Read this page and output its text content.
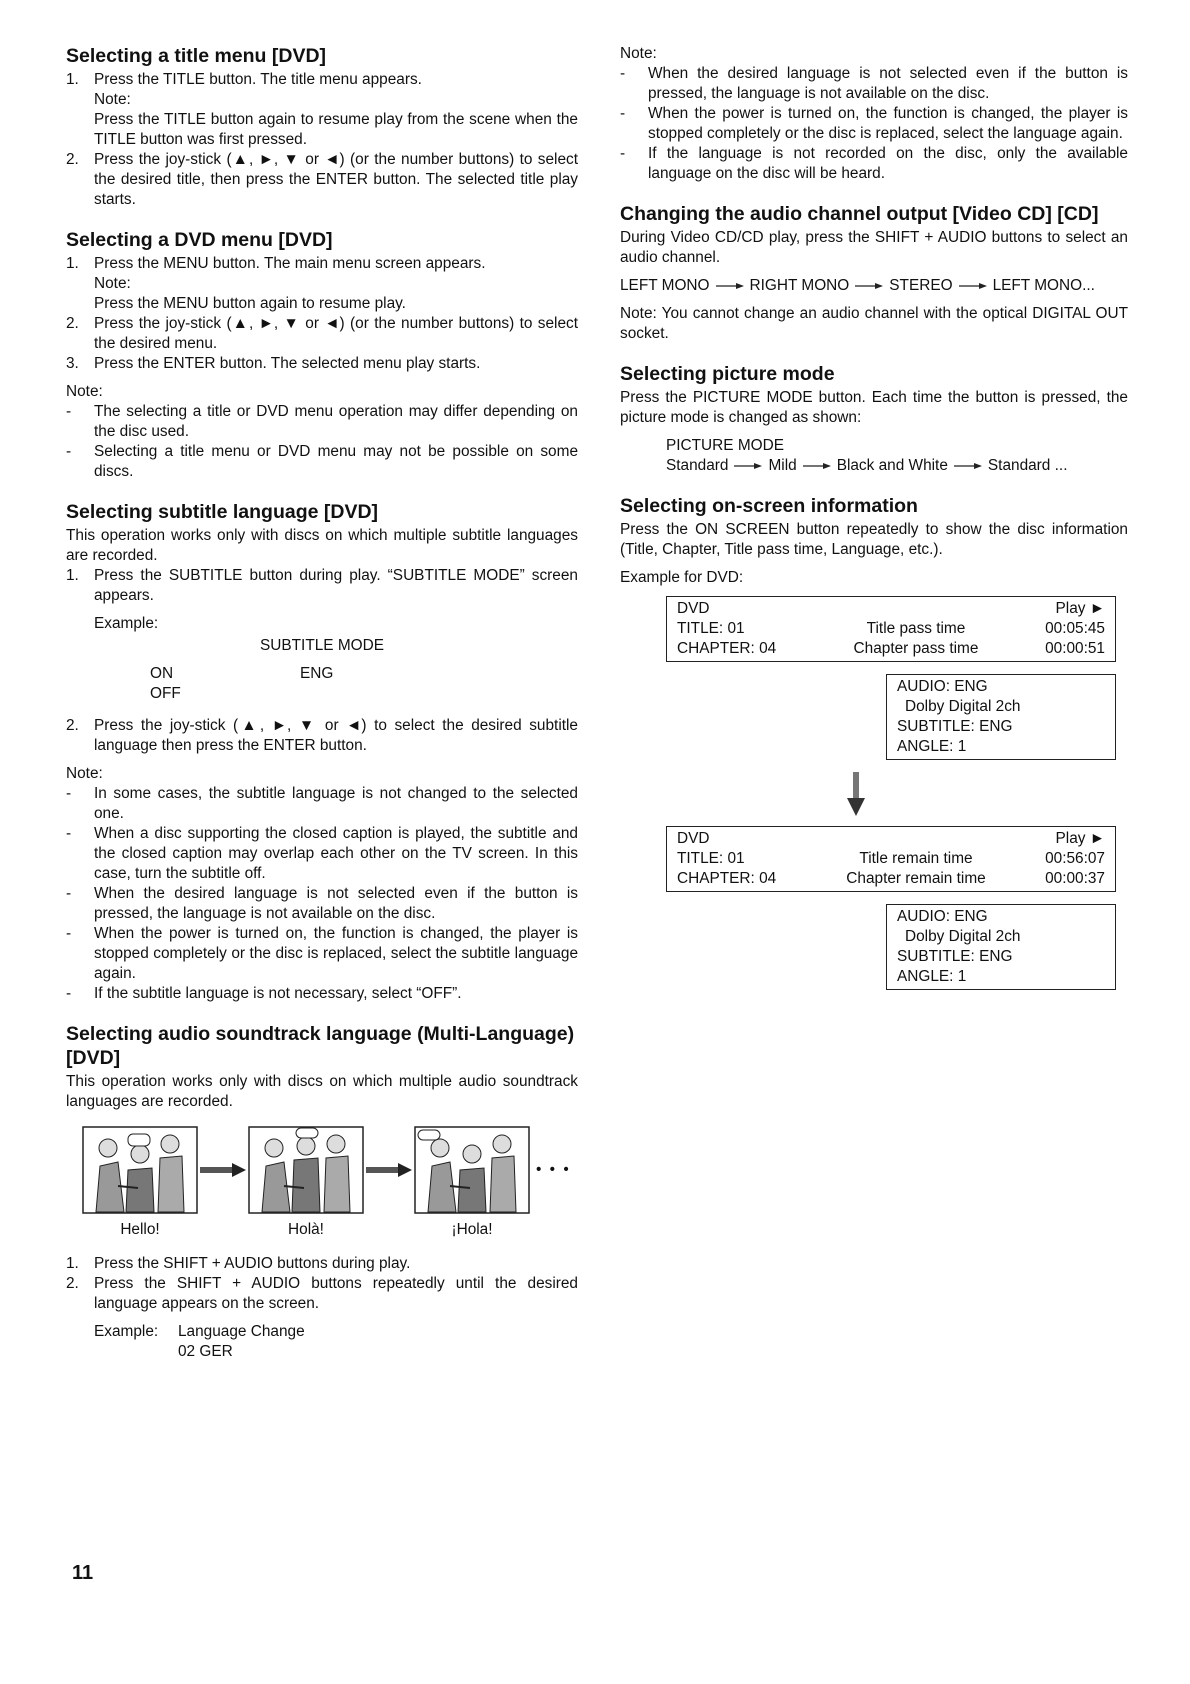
Selecting a title menu [DVD]
1. Press the TITLE button. The title menu appears.

Note:

Press the TITLE button again to resume play from the scene when the TITLE button was first pressed.

2. Press the joy-stick (▲, ►, ▼ or ◄) (or the number buttons) to select the desired title, then press the ENTER button. The selected title play starts.
Selecting a DVD menu [DVD]
1. Press the MENU button. The main menu screen appears.

Note:

Press the MENU button again to resume play.

2. Press the joy-stick (▲, ►, ▼ or ◄) (or the number buttons) to select the desired menu.
3. Press the ENTER button. The selected menu play starts.

Note:

-	The selecting a title or DVD menu operation may differ depending on the disc used.
-	Selecting a title menu or DVD menu may not be possible on some discs.
Selecting subtitle language [DVD]

This operation works only with discs on which multiple subtitle languages are recorded.

1. Press the SUBTITLE button during play. “SUBTITLE MODE” screen appears.

Example:

SUBTITLE MODE

ON	ENG
OFF
2. Press the joy-stick (▲, ►, ▼ or ◄) to select the desired subtitle language then press the ENTER button.

Note:

-	In some cases, the subtitle language is not changed to the selected one.
-	When a disc supporting the closed caption is played, the subtitle and the closed caption may overlap each other on the TV screen. In this case, turn the subtitle off.
-	When the desired language is not selected even if the button is pressed, the language is not available on the disc.
-	When the power is turned on, the function is changed, the player is stopped completely or the disc is replaced, select the subtitle language again.
-	If the subtitle language is not necessary, select “OFF”.
Selecting audio soundtrack language (Multi-Language) [DVD]

This operation works only with discs on which multiple audio soundtrack languages are recorded.

Hello!	Holà!	¡Hola!
• • •
1. Press the SHIFT + AUDIO buttons during play.
2. Press the SHIFT + AUDIO buttons repeatedly until the desired language appears on the screen.
Example:	Language Change

02 GER

Note:

-	When the desired language is not selected even if the button is pressed, the language is not available on the disc.
-	When the power is turned on, the function is changed, the player is stopped completely or the disc is replaced, select the language again.
-	If the language is not recorded on the disc, only the available language on the disc will be heard.
Changing the audio channel output [Video CD] [CD]

During Video CD/CD play, press the SHIFT + AUDIO buttons to select an audio channel.

LEFT MONO	RIGHT MONO	STEREO	LEFT MONO...

Note: You cannot change an audio channel with the optical DIGITAL OUT socket.

Selecting picture mode

Press the PICTURE MODE button. Each time the button is pressed, the picture mode is changed as shown:

PICTURE MODE

Standard	Mild	Black and White	Standard ...
Selecting on-screen information

Press the ON SCREEN button repeatedly to show the disc information (Title, Chapter, Title pass time, Language, etc.).

Example for DVD:

DVD	Play ►
TITLE: 01	Title pass time	00:05:45
CHAPTER: 04	Chapter pass time	00:00:51

AUDIO: ENG

Dolby Digital 2ch

SUBTITLE: ENG

ANGLE: 1

DVD	Play ►
TITLE: 01	Title remain time	00:56:07
CHAPTER: 04	Chapter remain time	00:00:37

AUDIO: ENG

Dolby Digital 2ch

SUBTITLE: ENG

ANGLE: 1

11
